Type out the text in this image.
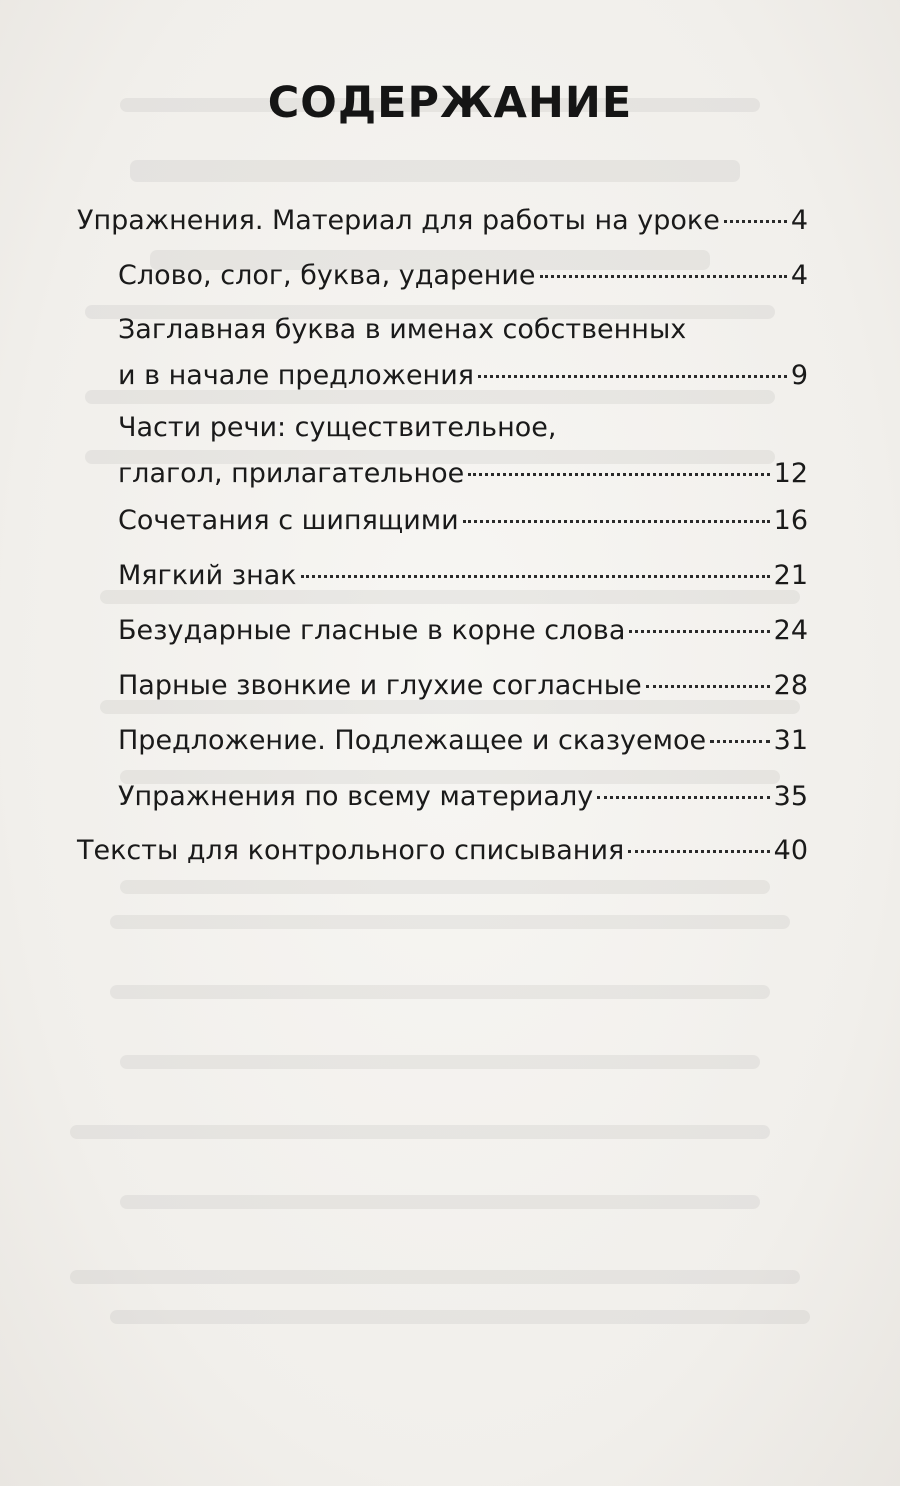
СОДЕРЖАНИЕ
Упражнения. Материал для работы на уроке	4
Слово, слог, буква, ударение	4
Заглавная буква в именах собственных
и в начале предложения	9
Части речи: существительное,
глагол, прилагательное	12
Сочетания с шипящими	16
Мягкий знак	21
Безударные гласные в корне слова	24
Парные звонкие и глухие согласные	28
Предложение. Подлежащее и сказуемое 31
Упражнения по всему материалу	35
Тексты для контрольного списывания	40
